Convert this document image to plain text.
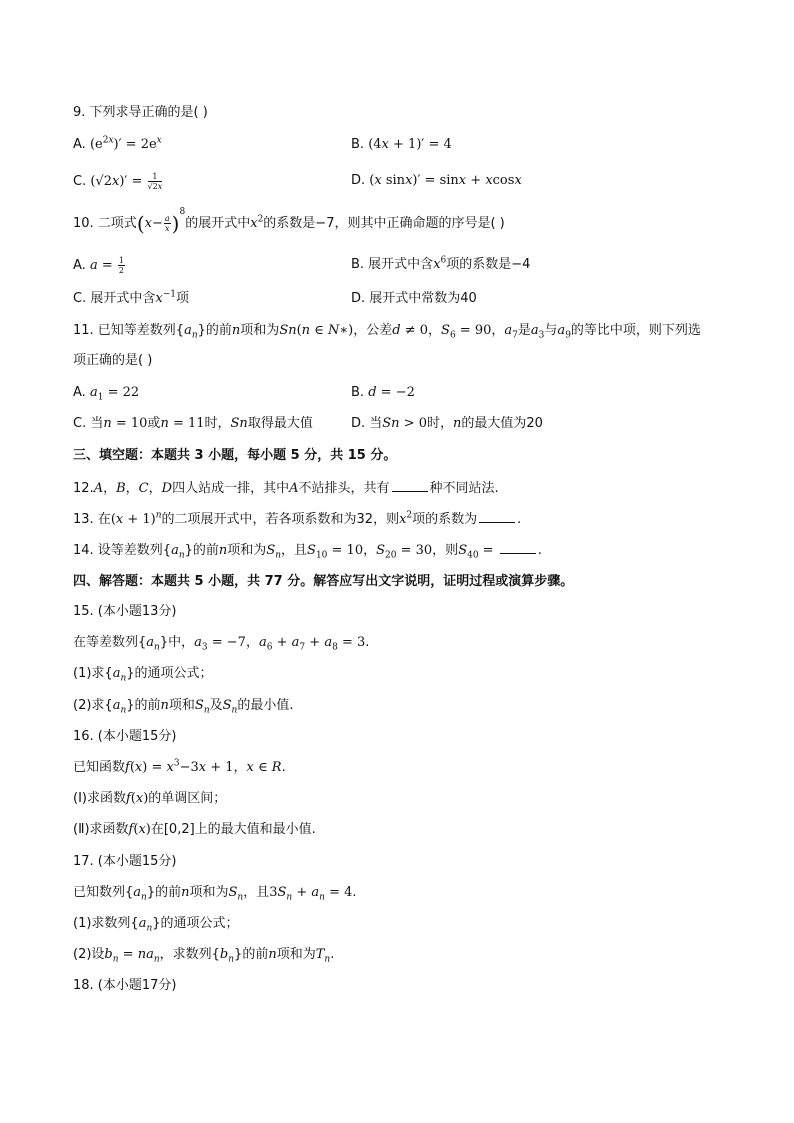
9. 下列求导正确的是( )
A. $(e^{2x})' = 2e^x$	B. (4x + 1)′ = 4
C. $(√2x)' = \frac{1}{√2x}$	D. (x sinx)′ = sinx + xcosx
10. 二项式$(x- \frac{a}{x} )^8$的展开式中$x^2$的系数是−7，则其中正确命题的序号是( )
A. $a = \frac{1}{2}$	B. 展开式中含$x^6$项的系数是−4
C. 展开式中含$x^{-1}$项	D. 展开式中常数为40
11. 已知等差数列$\{a_n\}$的前n项和为Sn(n ∈ N∗)，公差d ≠ 0，$S_6 = 90$，$a_7$是$a_3$与$a_9$的等比中项，则下列选
项正确的是( )
A. $a_1 = 22$	B. d = −2
C. 当n = 10或n = 11时，Sn取得最大值	D. 当Sn > 0时，n的最大值为20
三、填空题：本题共 3 小题，每小题 5 分，共 15 分。
12.A，B，C，D四人站成一排，其中A不站排头，共有	种不同站法.
13. 在$(x + 1)^n$的二项展开式中，若各项系数和为32，则$x^2$项的系数为	.
14. 设等差数列$\{a_n\}$的前n项和为$S_n$，且$S_{10} = 10$，$S_{20} = 30$，则$S_{40}$ =	.
四、解答题：本题共 5 小题，共 77 分。解答应写出文字说明，证明过程或演算步骤。
15. (本小题13分)
在等差数列$\{a_n\}$中，$a_3 = -7$，$a_6 + a_7 + a_8 = 3$.
(1)求$\{a_n\}$的通项公式；
(2)求$\{a_n\}$的前n项和$S_n$及$S_n$的最小值.
16. (本小题15分)
已知函数$f(x) = x^3-3x + 1$，x ∈ R.
(Ⅰ)求函数f(x)的单调区间；
(Ⅱ)求函数f(x)在[0,2]上的最大值和最小值.
17. (本小题15分)
已知数列$\{a_n\}$的前n项和为$S_n$，且$3S_n + a_n = 4$.
(1)求数列$\{a_n\}$的通项公式；
(2)设$b_n = na_n$，求数列$\{b_n\}$的前n项和为$T_n$.
18. (本小题17分)
